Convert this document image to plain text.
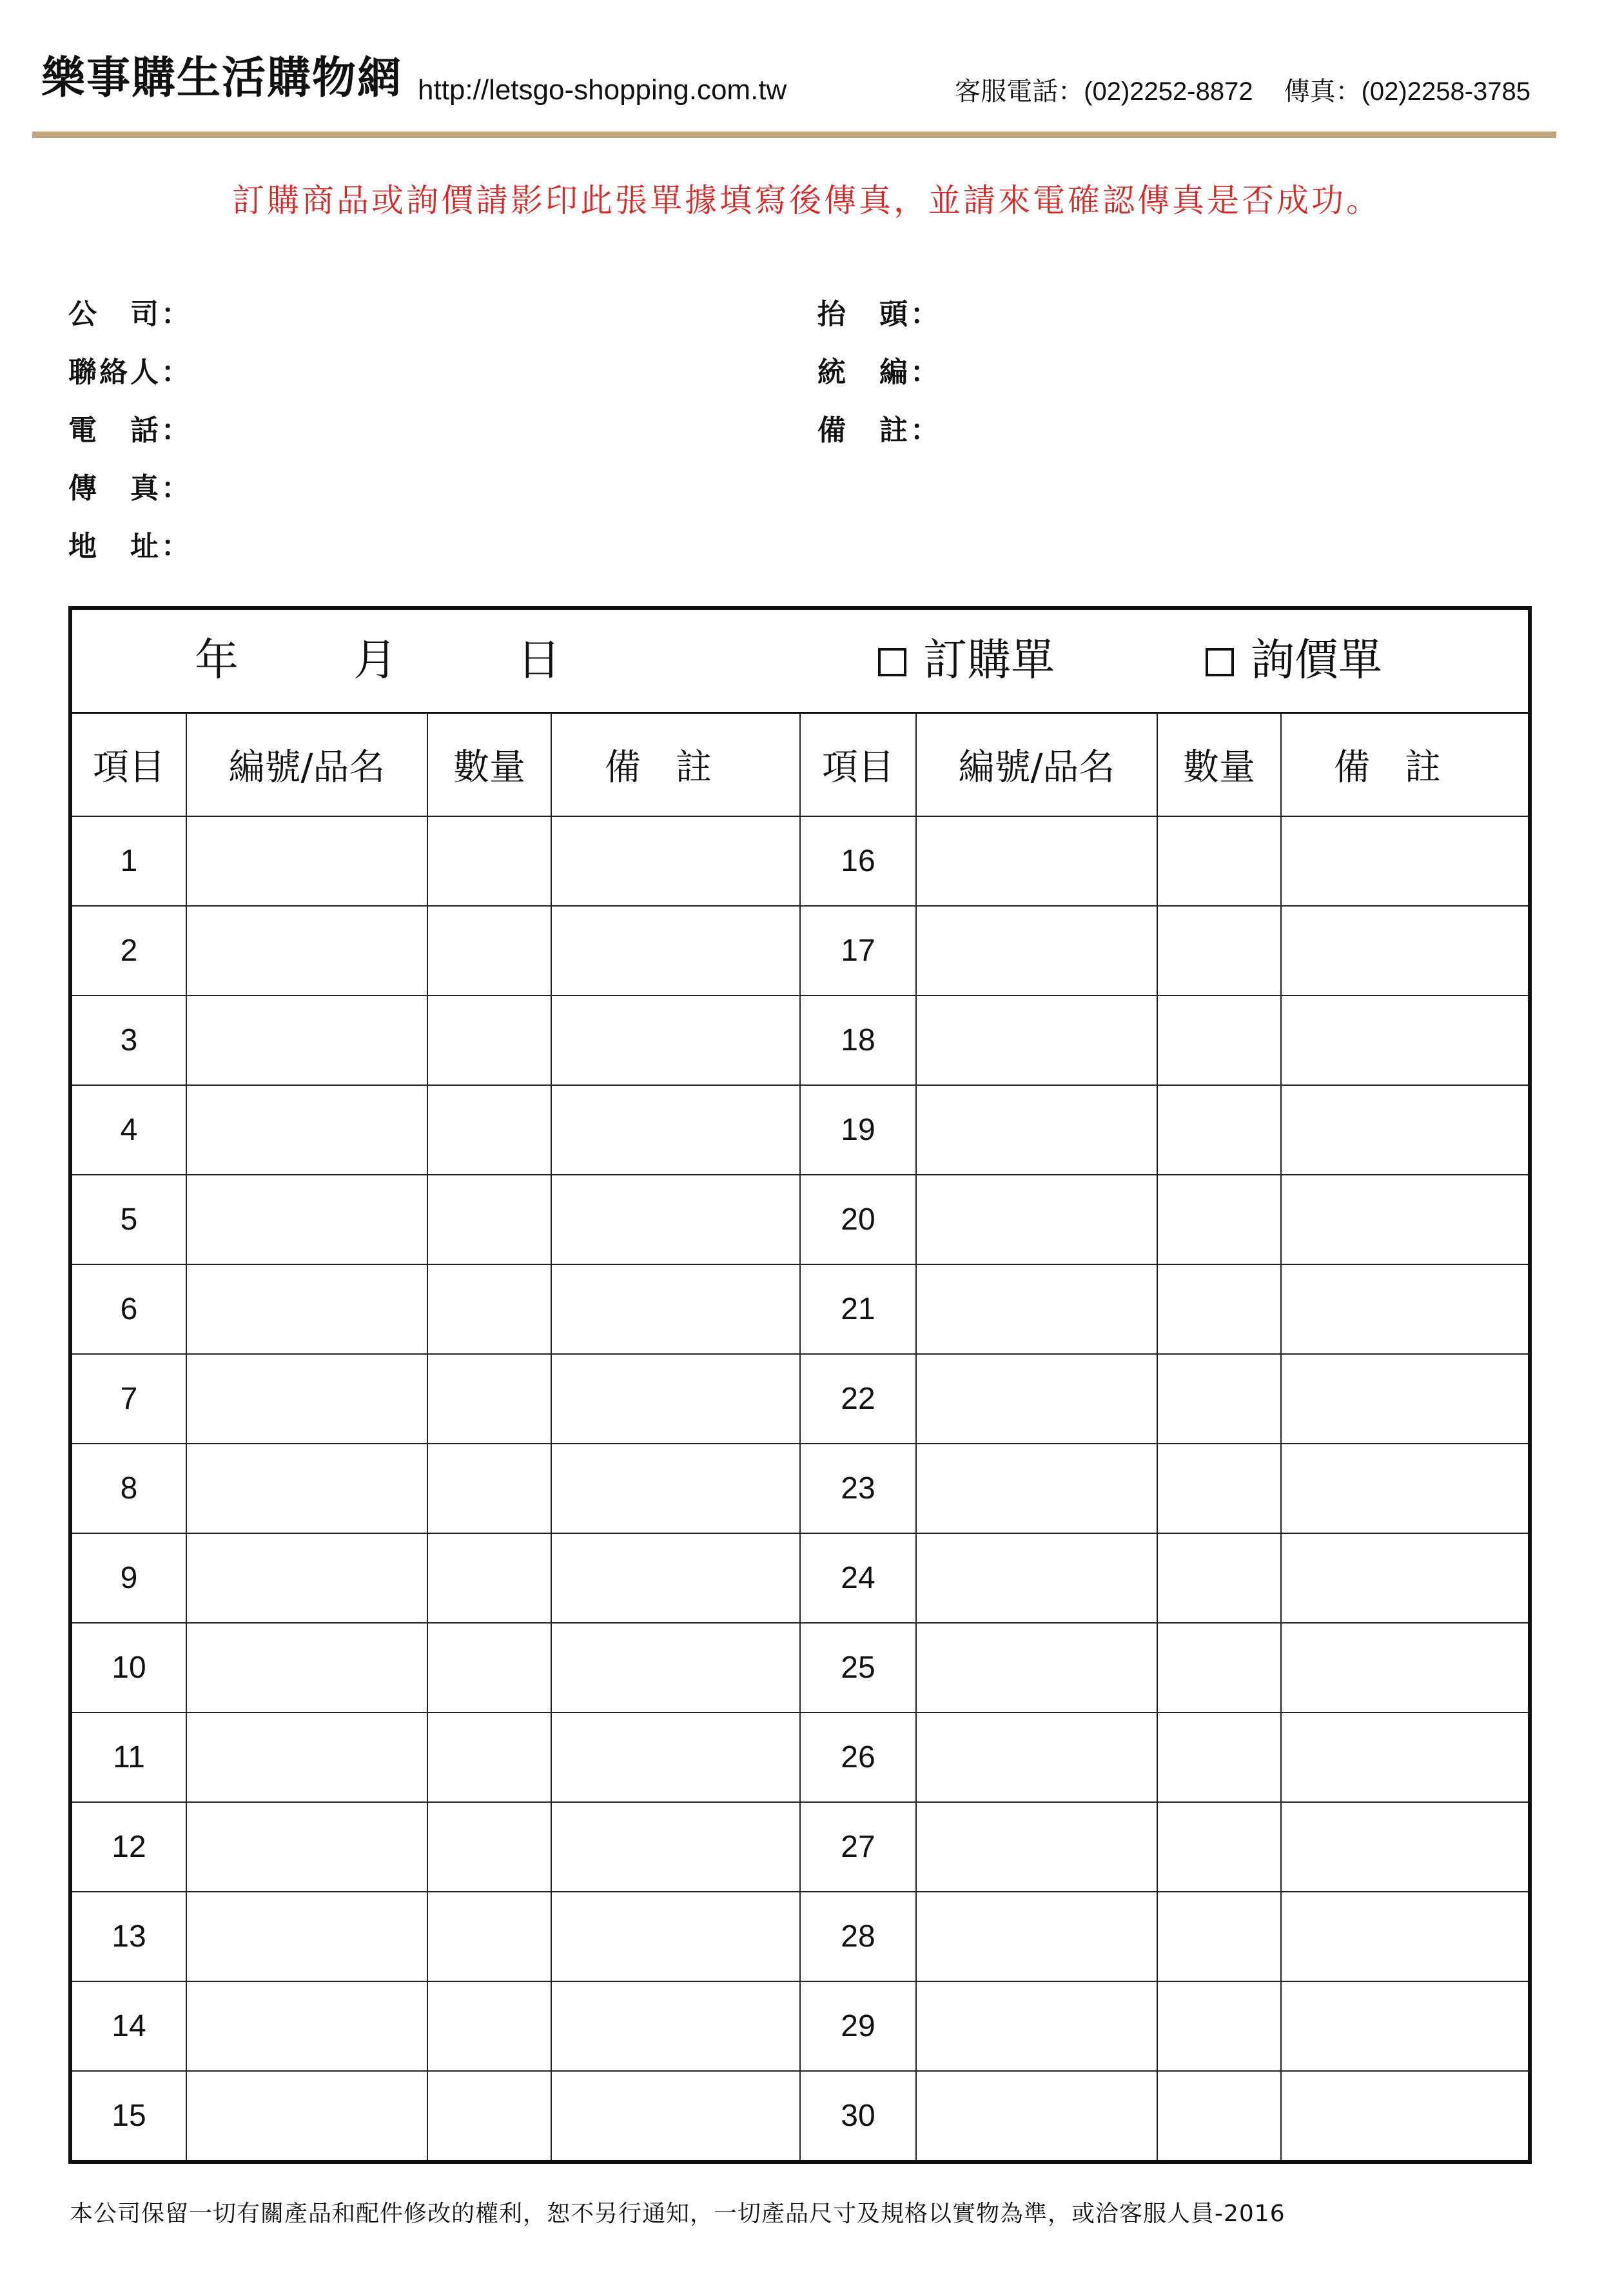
樂事購生活購物網 http://letsgo-shopping.com.tw	客服電話：(02)2252-8872 傳真：(02)2258-3785
訂購商品或詢價請影印此張單據填寫後傳真，並請來電確認傳真是否成功。
公　司：
聯絡人：
電　話：
傳　真：
地　址：
抬　頭：
統　編：
備　註：
年 月 日 訂購單 詢價單							

項目	編號/品名	數量	備註	項目	編號/品名	數量	備註
1				16			
2				17			
3				18			
4				19			
5				20			
6				21			
7				22			
8				23			
9				24			
10				25			
11				26			
12				27			
13				28			
14				29			
15				30			
本公司保留一切有關產品和配件修改的權利，恕不另行通知，一切產品尺寸及規格以實物為準，或洽客服人員-2016
